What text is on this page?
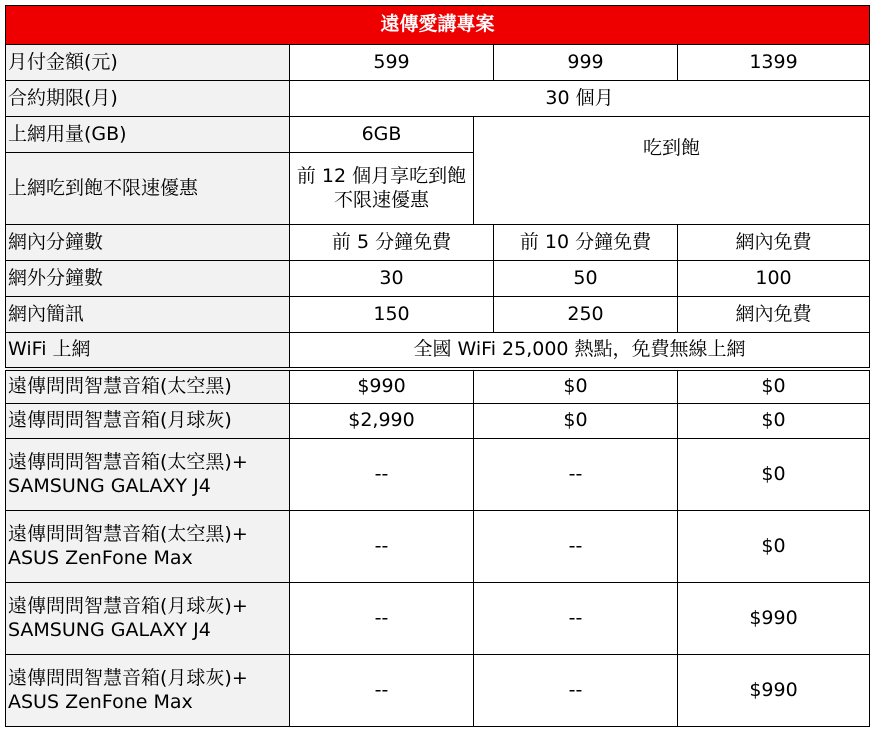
遠傳愛講專案				
月付金額(元)	599		999	1399
合約期限(月)	30 個月			
上網用量(GB)	6GB	吃到飽		
上網吃到飽不限速優惠	前 12 個月享吃到飽
不限速優惠			

網內分鐘數	前 5 分鐘免費		前 10 分鐘免費	網內免費
網外分鐘數	30		50	100
網內簡訊	150		250	網內免費
WiFi 上網	全國 WiFi 25,000 熱點，免費無線上網			
遠傳問問智慧音箱(太空黑)	$990	$0		$0
遠傳問問智慧音箱(月球灰)	$2,990	$0		$0

遠傳問問智慧音箱(太空黑)+
SAMSUNG GALAXY J4	--	--		$0

遠傳問問智慧音箱(太空黑)+
ASUS ZenFone Max	--	--		$0

遠傳問問智慧音箱(月球灰)+
SAMSUNG GALAXY J4	--	--		$990

遠傳問問智慧音箱(月球灰)+
ASUS ZenFone Max	--	--		$990
